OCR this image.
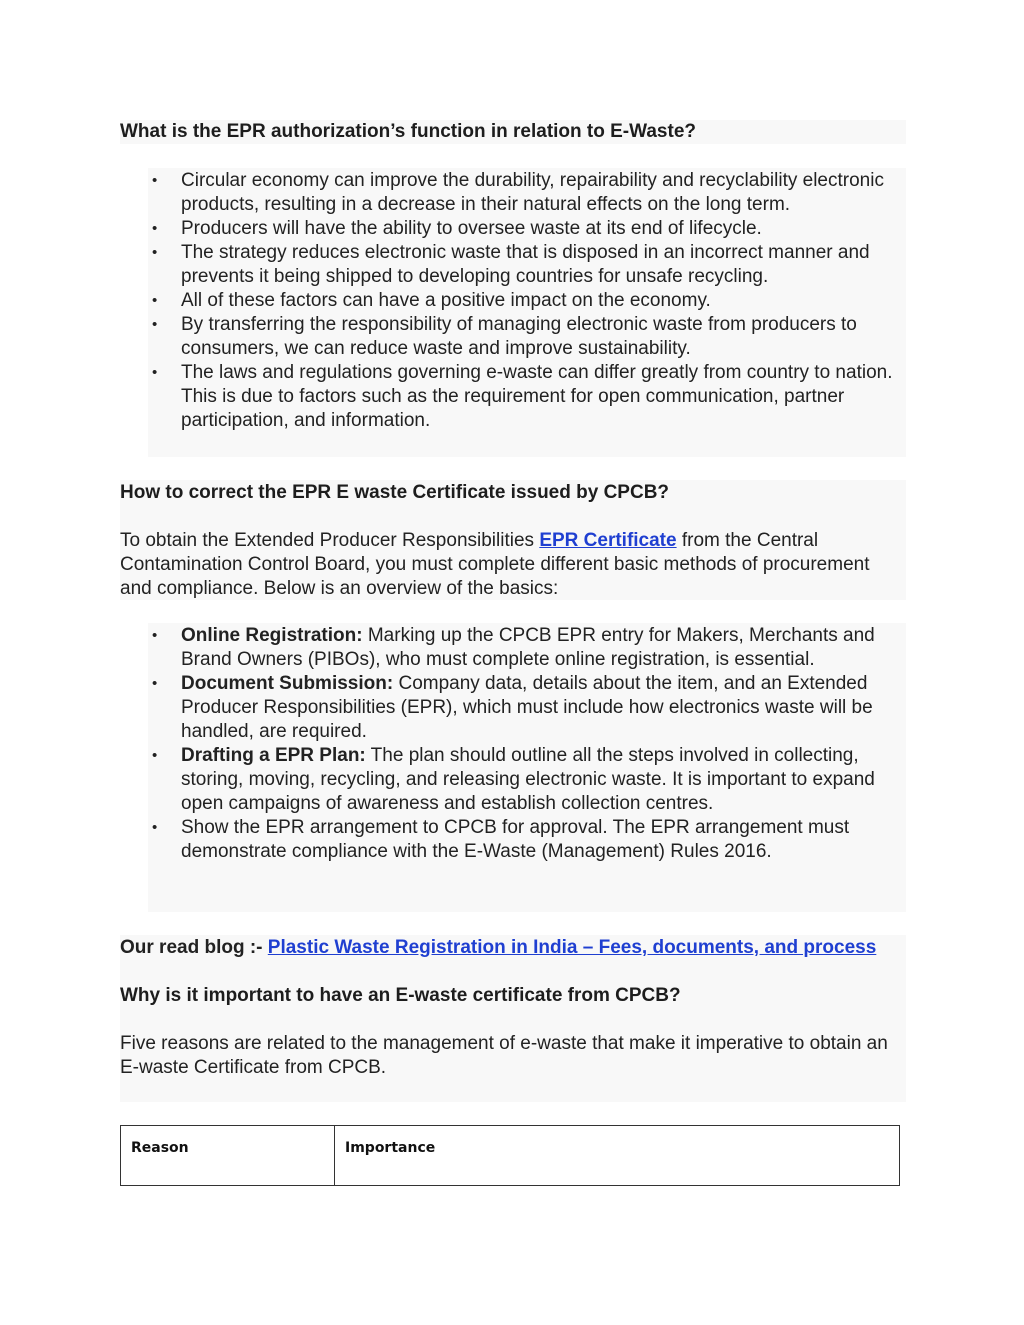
What is the EPR authorization’s function in relation to E-Waste?
• Circular economy can improve the durability, repairability and recyclability electronic products, resulting in a decrease in their natural effects on the long term.
• Producers will have the ability to oversee waste at its end of lifecycle.
• The strategy reduces electronic waste that is disposed in an incorrect manner and prevents it being shipped to developing countries for unsafe recycling.
• All of these factors can have a positive impact on the economy.
• By transferring the responsibility of managing electronic waste from producers to consumers, we can reduce waste and improve sustainability.
• The laws and regulations governing e-waste can differ greatly from country to nation. This is due to factors such as the requirement for open communication, partner participation, and information.
How to correct the EPR E waste Certificate issued by CPCB?

To obtain the Extended Producer Responsibilities EPR Certificate from the Central Contamination Control Board, you must complete different basic methods of procurement and compliance. Below is an overview of the basics:

• Online Registration: Marking up the CPCB EPR entry for Makers, Merchants and Brand Owners (PIBOs), who must complete online registration, is essential.
• Document Submission: Company data, details about the item, and an Extended Producer Responsibilities (EPR), which must include how electronics waste will be handled, are required.
• Drafting a EPR Plan: The plan should outline all the steps involved in collecting, storing, moving, recycling, and releasing electronic waste. It is important to expand open campaigns of awareness and establish collection centres.
• Show the EPR arrangement to CPCB for approval. The EPR arrangement must demonstrate compliance with the E-Waste (Management) Rules 2016.

Our read blog :- Plastic Waste Registration in India – Fees, documents, and process

Why is it important to have an E-waste certificate from CPCB?

Five reasons are related to the management of e-waste that make it imperative to obtain an E-waste Certificate from CPCB.

Reason	Importance
